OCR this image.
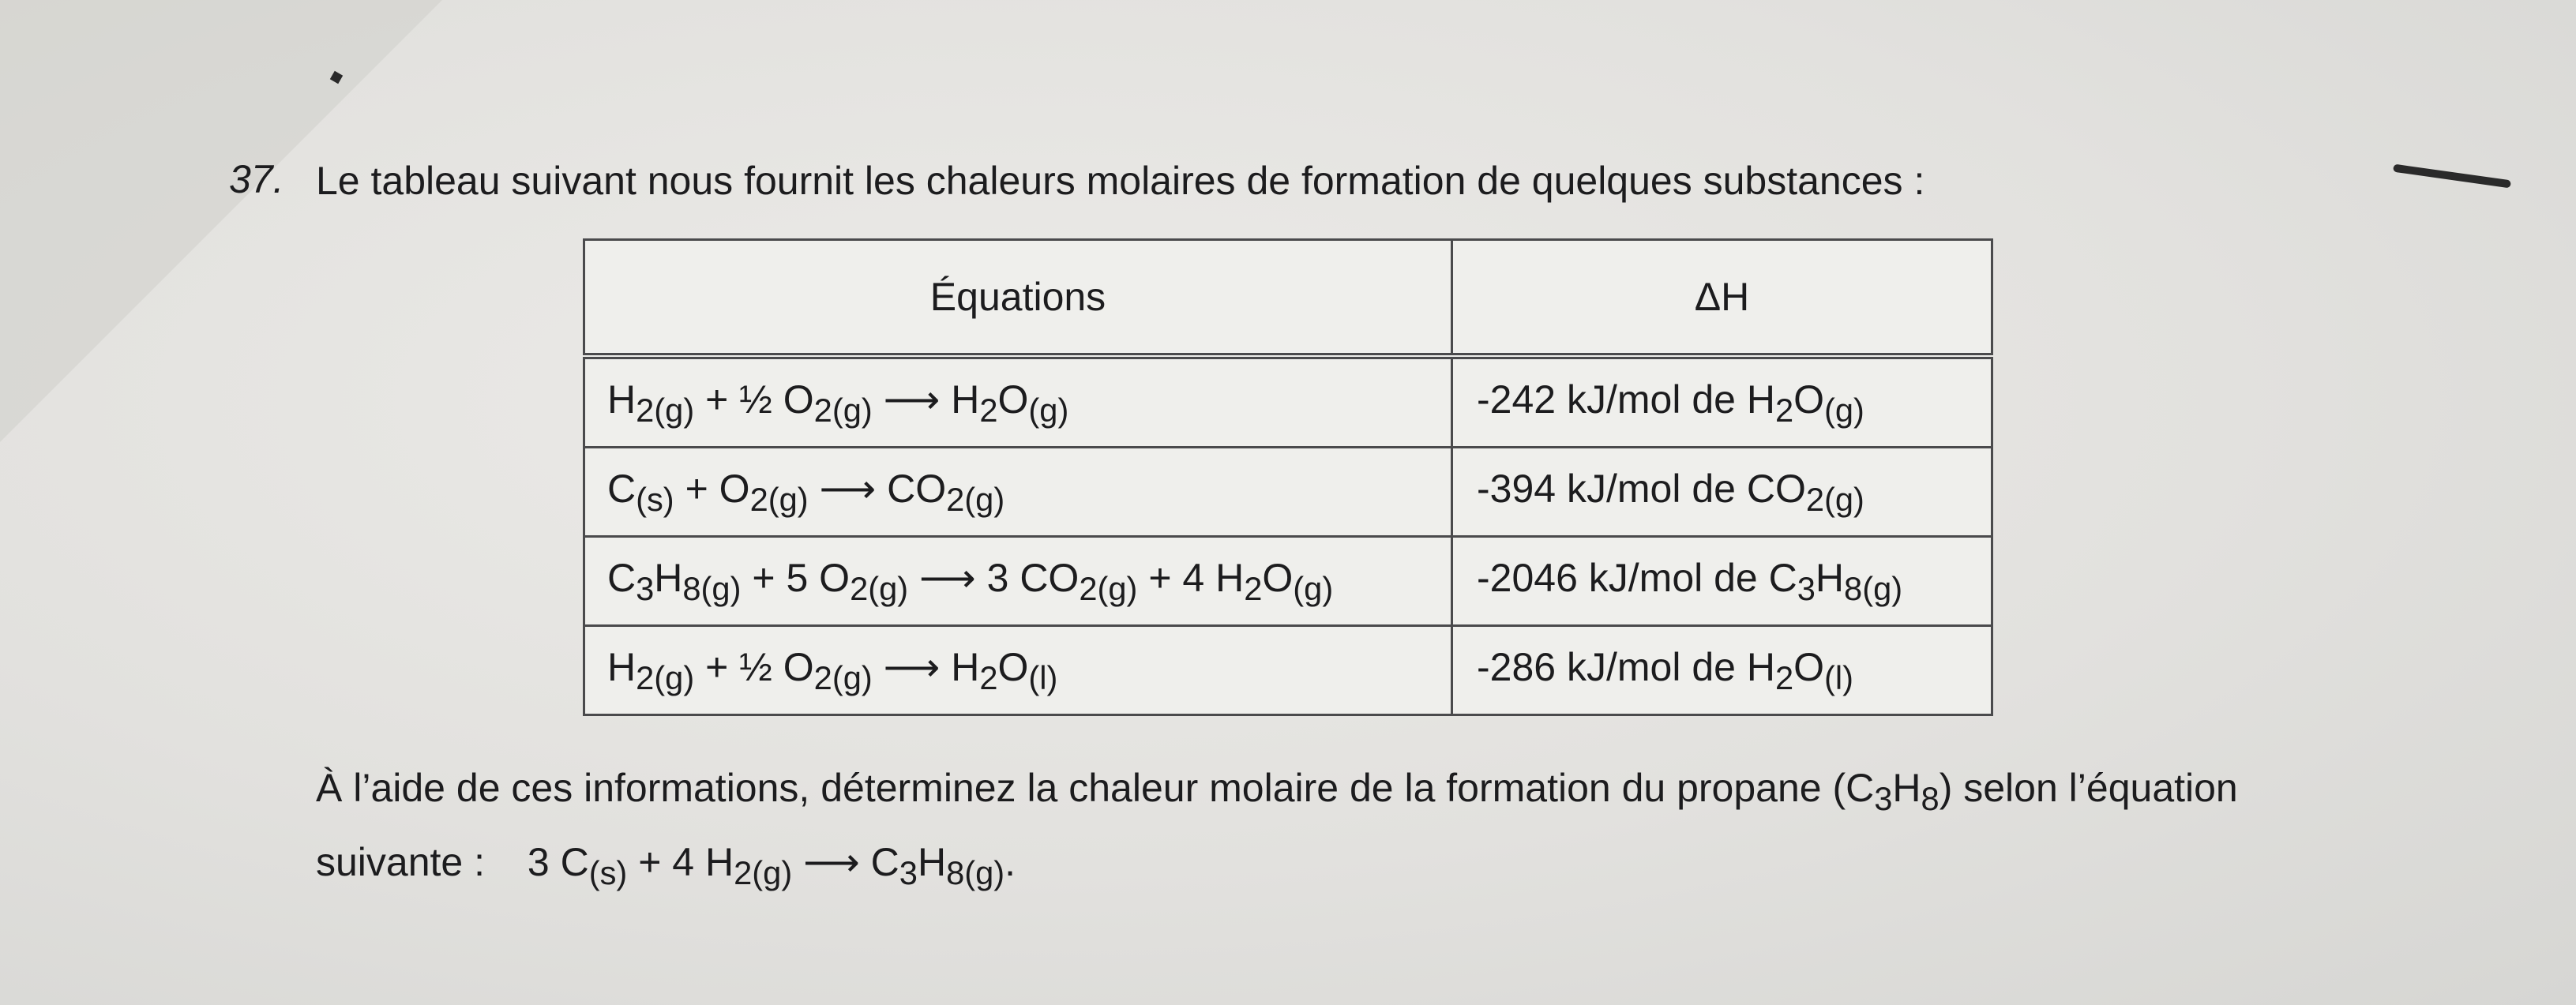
37. Le tableau suivant nous fournit les chaleurs molaires de formation de quelques substances :
Équations	ΔH
$H_{2(g)}$ + ½ $O_{2(g)}$ ⟶ $H_2O_{(g)}$	-242 kJ/mol de $H_2O_{(g)}$
$C_{(s)} + O_{2(g)}$ ⟶ $CO_{2(g)}$	-394 kJ/mol de $CO_{2(g)}$
$C_3H_{8(g)} + 5$ $O_{2(g)}$ ⟶ 3 $CO_{2(g)} + 4$ $H_2O_{(g)}$	-2046 kJ/mol de $C_3H_{8(g)}$
$H_{2(g)}$ + ½ $O_{2(g)}$ ⟶ $H_2O_{(l)}$	-286 kJ/mol de $H_2O_{(l)}$
À l’aide de ces informations, déterminez la chaleur molaire de la formation du propane $(C_3H_8)$ selon l’équation
suivante : 3 $C_{(s)} + 4$ $H_{2(g)}$ ⟶ $C_3H_{8(g)}$.
